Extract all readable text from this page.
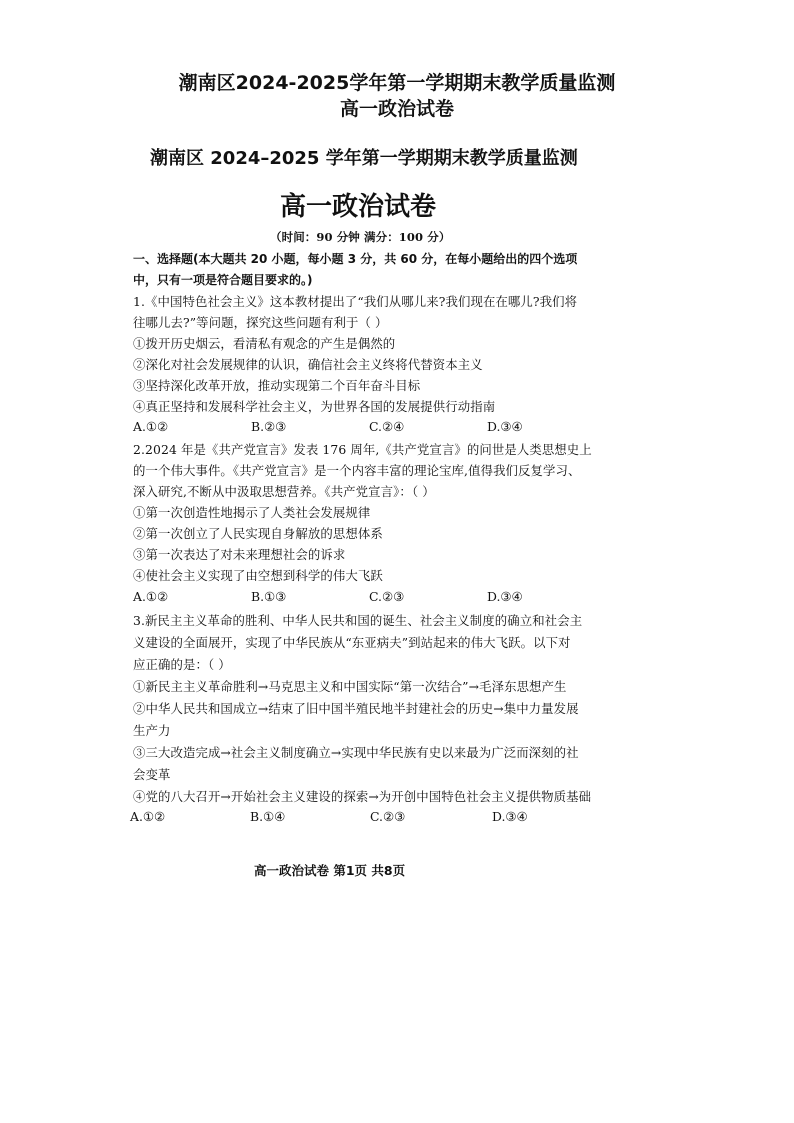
潮南区2024-2025学年第一学期期末教学质量监测
高一政治试卷
潮南区 2024–2025 学年第一学期期末教学质量监测
高一政治试卷
（时间：90 分钟 满分：100 分）
一、选择题(本大题共 20 小题，每小题 3 分，共 60 分，在每小题给出的四个选项
中，只有一项是符合题目要求的。)
1.《中国特色社会主义》这本教材提出了“我们从哪儿来?我们现在在哪儿?我们将
往哪儿去?”等问题，探究这些问题有利于（ ）
①拨开历史烟云，看清私有观念的产生是偶然的
②深化对社会发展规律的认识，确信社会主义终将代替资本主义
③坚持深化改革开放，推动实现第二个百年奋斗目标
④真正坚持和发展科学社会主义，为世界各国的发展提供行动指南
A.①②	B.②③	C.②④	D.③④
2.2024 年是《共产党宣言》发表 176 周年,《共产党宣言》的问世是人类思想史上
的一个伟大事件。《共产党宣言》是一个内容丰富的理论宝库,值得我们反复学习、
深入研究,不断从中汲取思想营养。《共产党宣言》：（ ）
①第一次创造性地揭示了人类社会发展规律
②第一次创立了人民实现自身解放的思想体系
③第一次表达了对未来理想社会的诉求
④使社会主义实现了由空想到科学的伟大飞跃
A.①②	B.①③	C.②③	D.③④
3.新民主主义革命的胜利、中华人民共和国的诞生、社会主义制度的确立和社会主
义建设的全面展开，实现了中华民族从“东亚病夫”到站起来的伟大飞跃。以下对
应正确的是：（ ）
①新民主主义革命胜利→马克思主义和中国实际“第一次结合”→毛泽东思想产生
②中华人民共和国成立→结束了旧中国半殖民地半封建社会的历史→集中力量发展
生产力
③三大改造完成→社会主义制度确立→实现中华民族有史以来最为广泛而深刻的社
会变革
④党的八大召开→开始社会主义建设的探索→为开创中国特色社会主义提供物质基础
A.①②	B.①④	C.②③	D.③④
高一政治试卷 第1页 共8页
